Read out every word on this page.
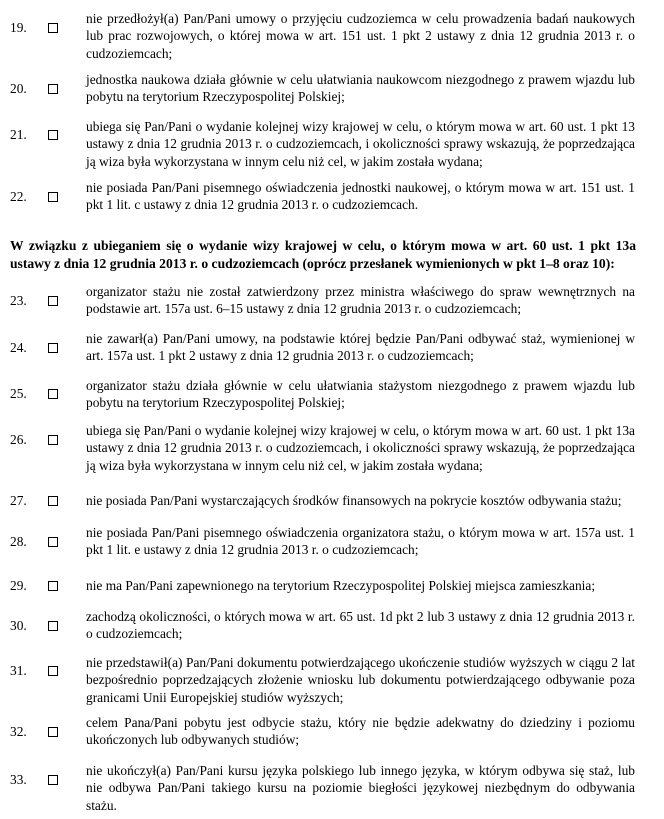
19.
nie przedłożył(a) Pan/Pani umowy o przyjęciu cudzoziemca w celu prowadzenia badań naukowych lub prac rozwojowych, o której mowa w art. 151 ust. 1 pkt 2 ustawy z dnia 12 grudnia 2013 r. o cudzoziemcach;
20.
jednostka naukowa działa głównie w celu ułatwiania naukowcom niezgodnego z prawem wjazdu lub pobytu na terytorium Rzeczypospolitej Polskiej;
21.
ubiega się Pan/Pani o wydanie kolejnej wizy krajowej w celu, o którym mowa w art. 60 ust. 1 pkt 13 ustawy z dnia 12 grudnia 2013 r. o cudzoziemcach, i okoliczności sprawy wskazują, że poprzedzająca ją wiza była wykorzystana w innym celu niż cel, w jakim została wydana;
22.
nie posiada Pan/Pani pisemnego oświadczenia jednostki naukowej, o którym mowa w art. 151 ust. 1 pkt 1 lit. c ustawy z dnia 12 grudnia 2013 r. o cudzoziemcach.
W związku z ubieganiem się o wydanie wizy krajowej w celu, o którym mowa w art. 60 ust. 1 pkt 13a ustawy z dnia 12 grudnia 2013 r. o cudzoziemcach (oprócz przesłanek wymienionych w pkt 1–8 oraz 10):
23.
organizator stażu nie został zatwierdzony przez ministra właściwego do spraw wewnętrznych na podstawie art. 157a ust. 6–15 ustawy z dnia 12 grudnia 2013 r. o cudzoziemcach;
24.
nie zawarł(a) Pan/Pani umowy, na podstawie której będzie Pan/Pani odbywać staż, wymienionej w art. 157a ust. 1 pkt 2 ustawy z dnia 12 grudnia 2013 r. o cudzoziemcach;
25.
organizator stażu działa głównie w celu ułatwiania stażystom niezgodnego z prawem wjazdu lub pobytu na terytorium Rzeczypospolitej Polskiej;
26.
ubiega się Pan/Pani o wydanie kolejnej wizy krajowej w celu, o którym mowa w art. 60 ust. 1 pkt 13a ustawy z dnia 12 grudnia 2013 r. o cudzoziemcach, i okoliczności sprawy wskazują, że poprzedzająca ją wiza była wykorzystana w innym celu niż cel, w jakim została wydana;
27.	nie posiada Pan/Pani wystarczających środków finansowych na pokrycie kosztów odbywania stażu;
28.
nie posiada Pan/Pani pisemnego oświadczenia organizatora stażu, o którym mowa w art. 157a ust. 1 pkt 1 lit. e ustawy z dnia 12 grudnia 2013 r. o cudzoziemcach;
29.	nie ma Pan/Pani zapewnionego na terytorium Rzeczypospolitej Polskiej miejsca zamieszkania;
30.
zachodzą okoliczności, o których mowa w art. 65 ust. 1d pkt 2 lub 3 ustawy z dnia 12 grudnia 2013 r. o cudzoziemcach;
31.
nie przedstawił(a) Pan/Pani dokumentu potwierdzającego ukończenie studiów wyższych w ciągu 2 lat bezpośrednio poprzedzających złożenie wniosku lub dokumentu potwierdzającego odbywanie poza granicami Unii Europejskiej studiów wyższych;
32.
celem Pana/Pani pobytu jest odbycie stażu, który nie będzie adekwatny do dziedziny i poziomu ukończonych lub odbywanych studiów;
33.
nie ukończył(a) Pan/Pani kursu języka polskiego lub innego języka, w którym odbywa się staż, lub nie odbywa Pan/Pani takiego kursu na poziomie biegłości językowej niezbędnym do odbywania stażu.
